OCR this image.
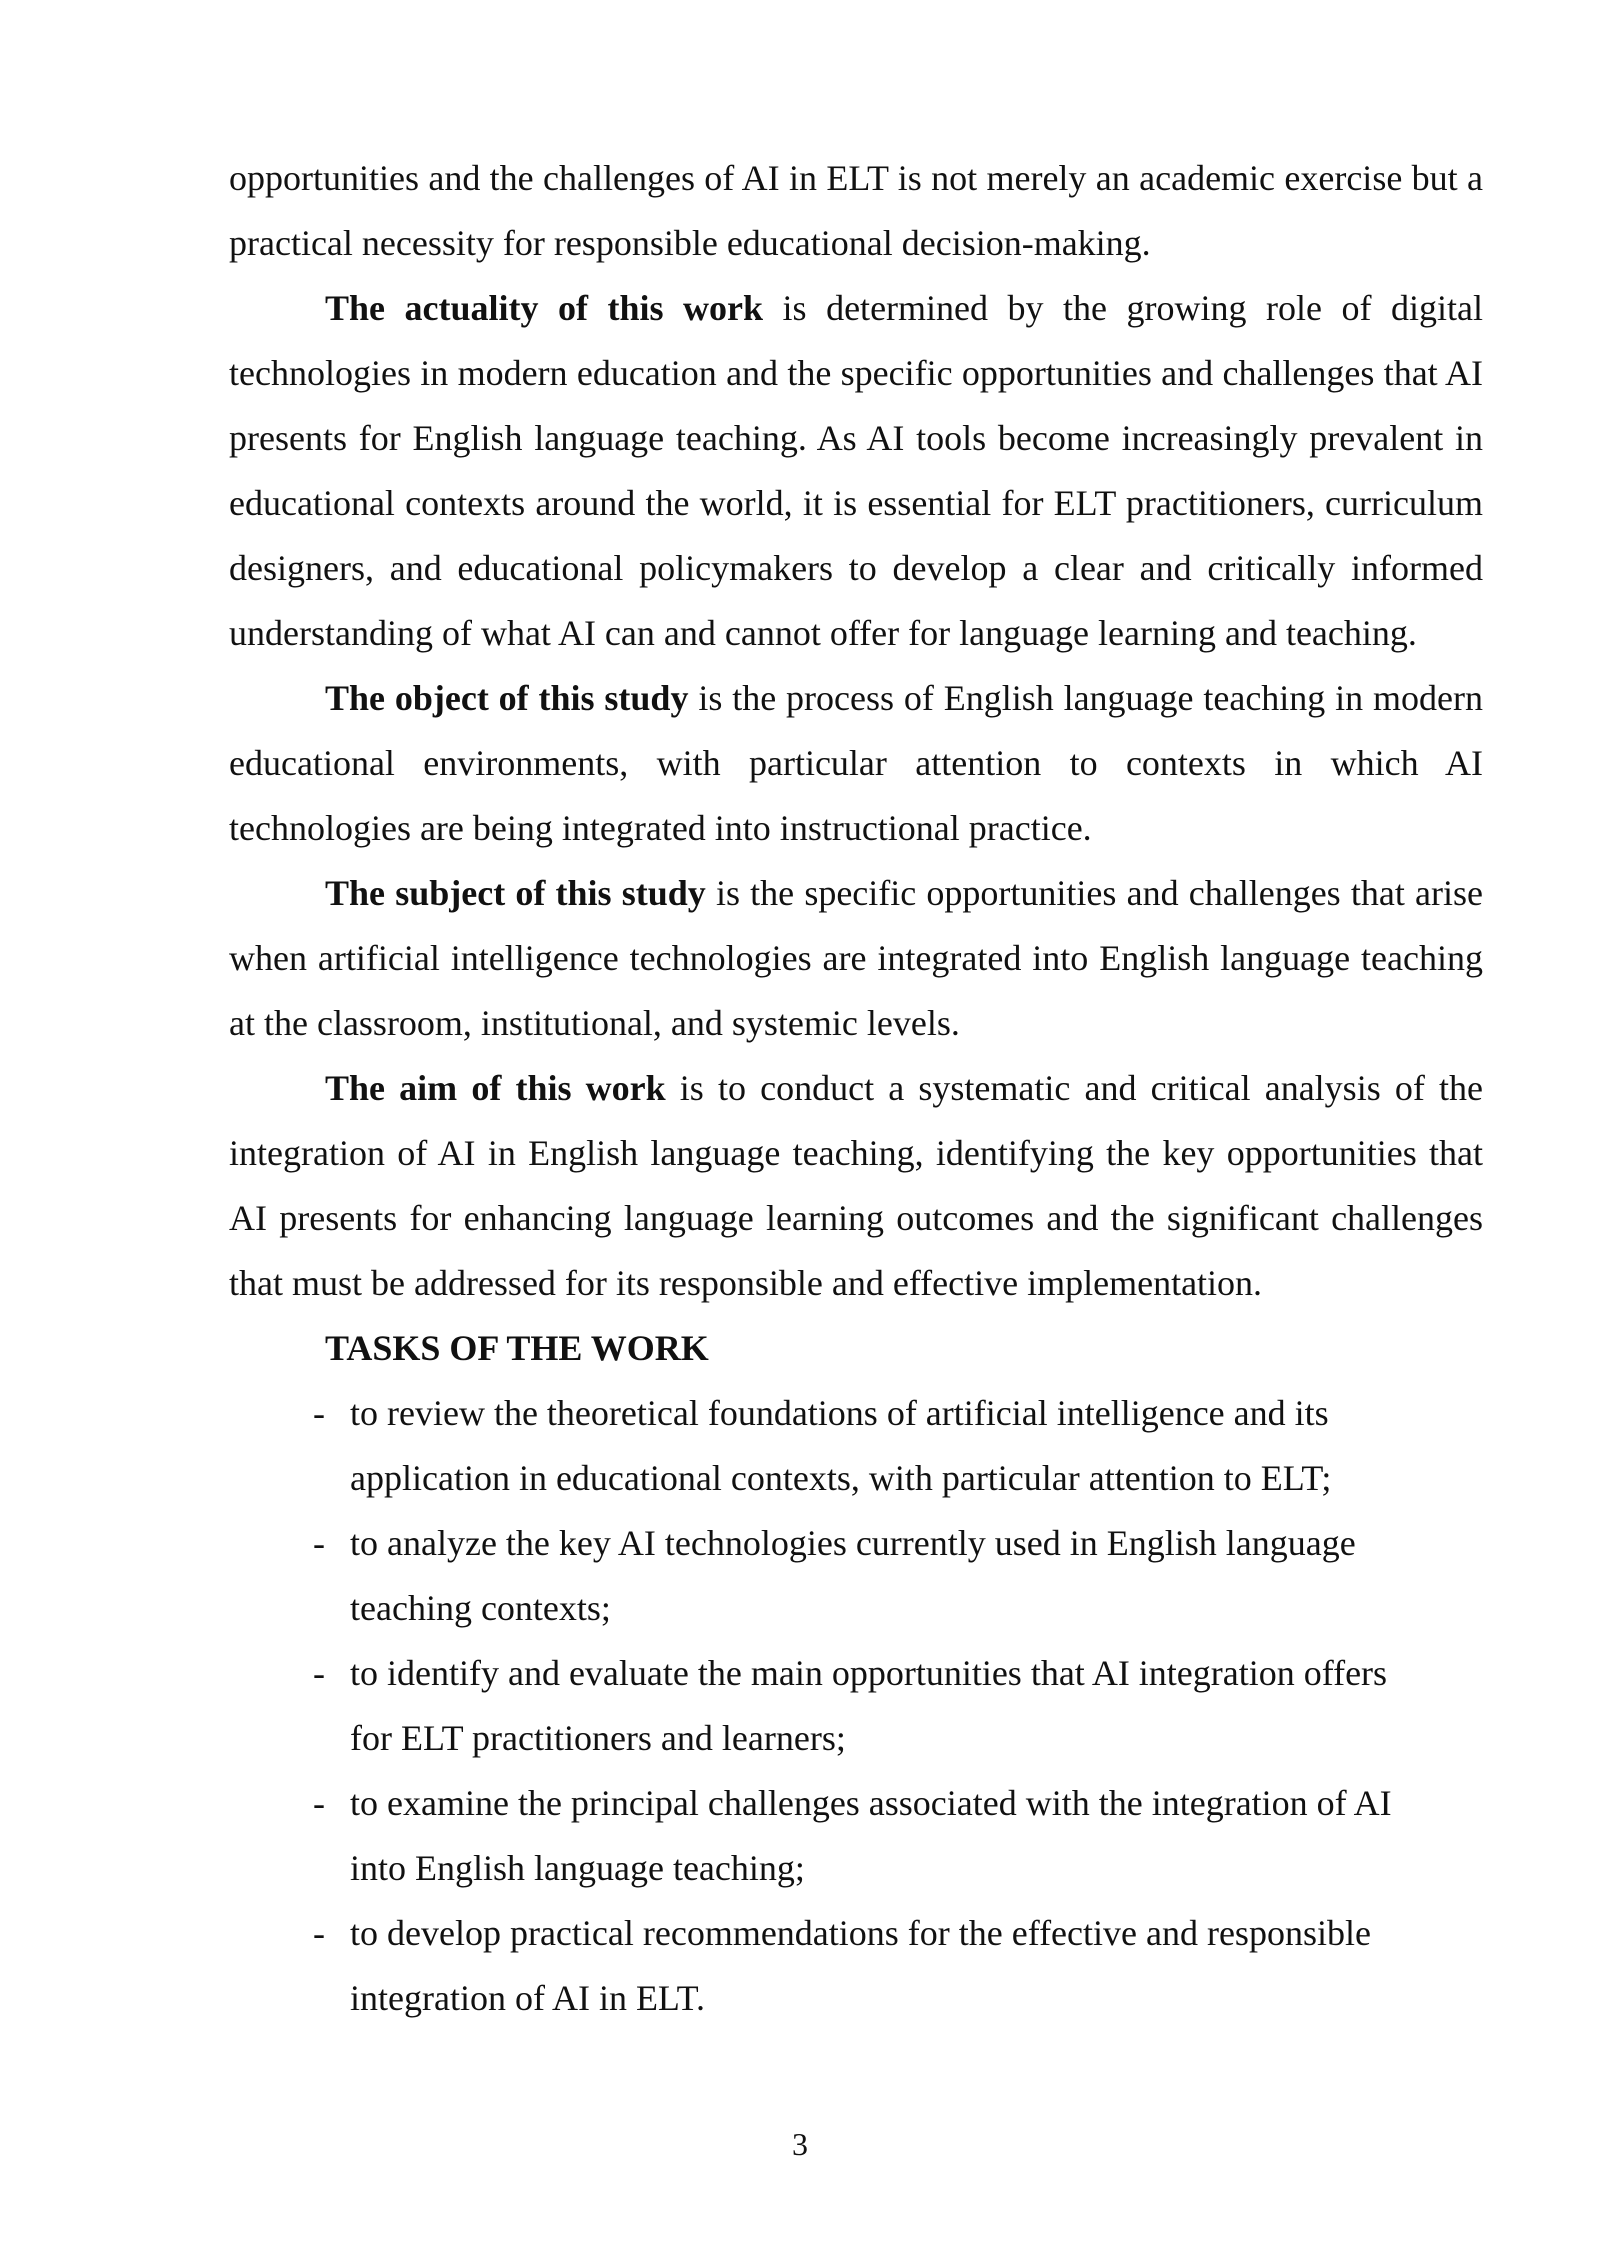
opportunities and the challenges of AI in ELT is not merely an academic exercise but a practical necessity for responsible educational decision-making.

The actuality of this work is determined by the growing role of digital technologies in modern education and the specific opportunities and challenges that AI presents for English language teaching. As AI tools become increasingly prevalent in educational contexts around the world, it is essential for ELT practitioners, curriculum designers, and educational policymakers to develop a clear and critically informed understanding of what AI can and cannot offer for language learning and teaching.

The object of this study is the process of English language teaching in modern educational environments, with particular attention to contexts in which AI technologies are being integrated into instructional practice.

The subject of this study is the specific opportunities and challenges that arise when artificial intelligence technologies are integrated into English language teaching at the classroom, institutional, and systemic levels.

The aim of this work is to conduct a systematic and critical analysis of the integration of AI in English language teaching, identifying the key opportunities that AI presents for enhancing language learning outcomes and the significant challenges that must be addressed for its responsible and effective implementation.

TASKS OF THE WORK

- to review the theoretical foundations of artificial intelligence and its application in educational contexts, with particular attention to ELT;
- to analyze the key AI technologies currently used in English language teaching contexts;
- to identify and evaluate the main opportunities that AI integration offers for ELT practitioners and learners;
- to examine the principal challenges associated with the integration of AI into English language teaching;
- to develop practical recommendations for the effective and responsible integration of AI in ELT.
3
